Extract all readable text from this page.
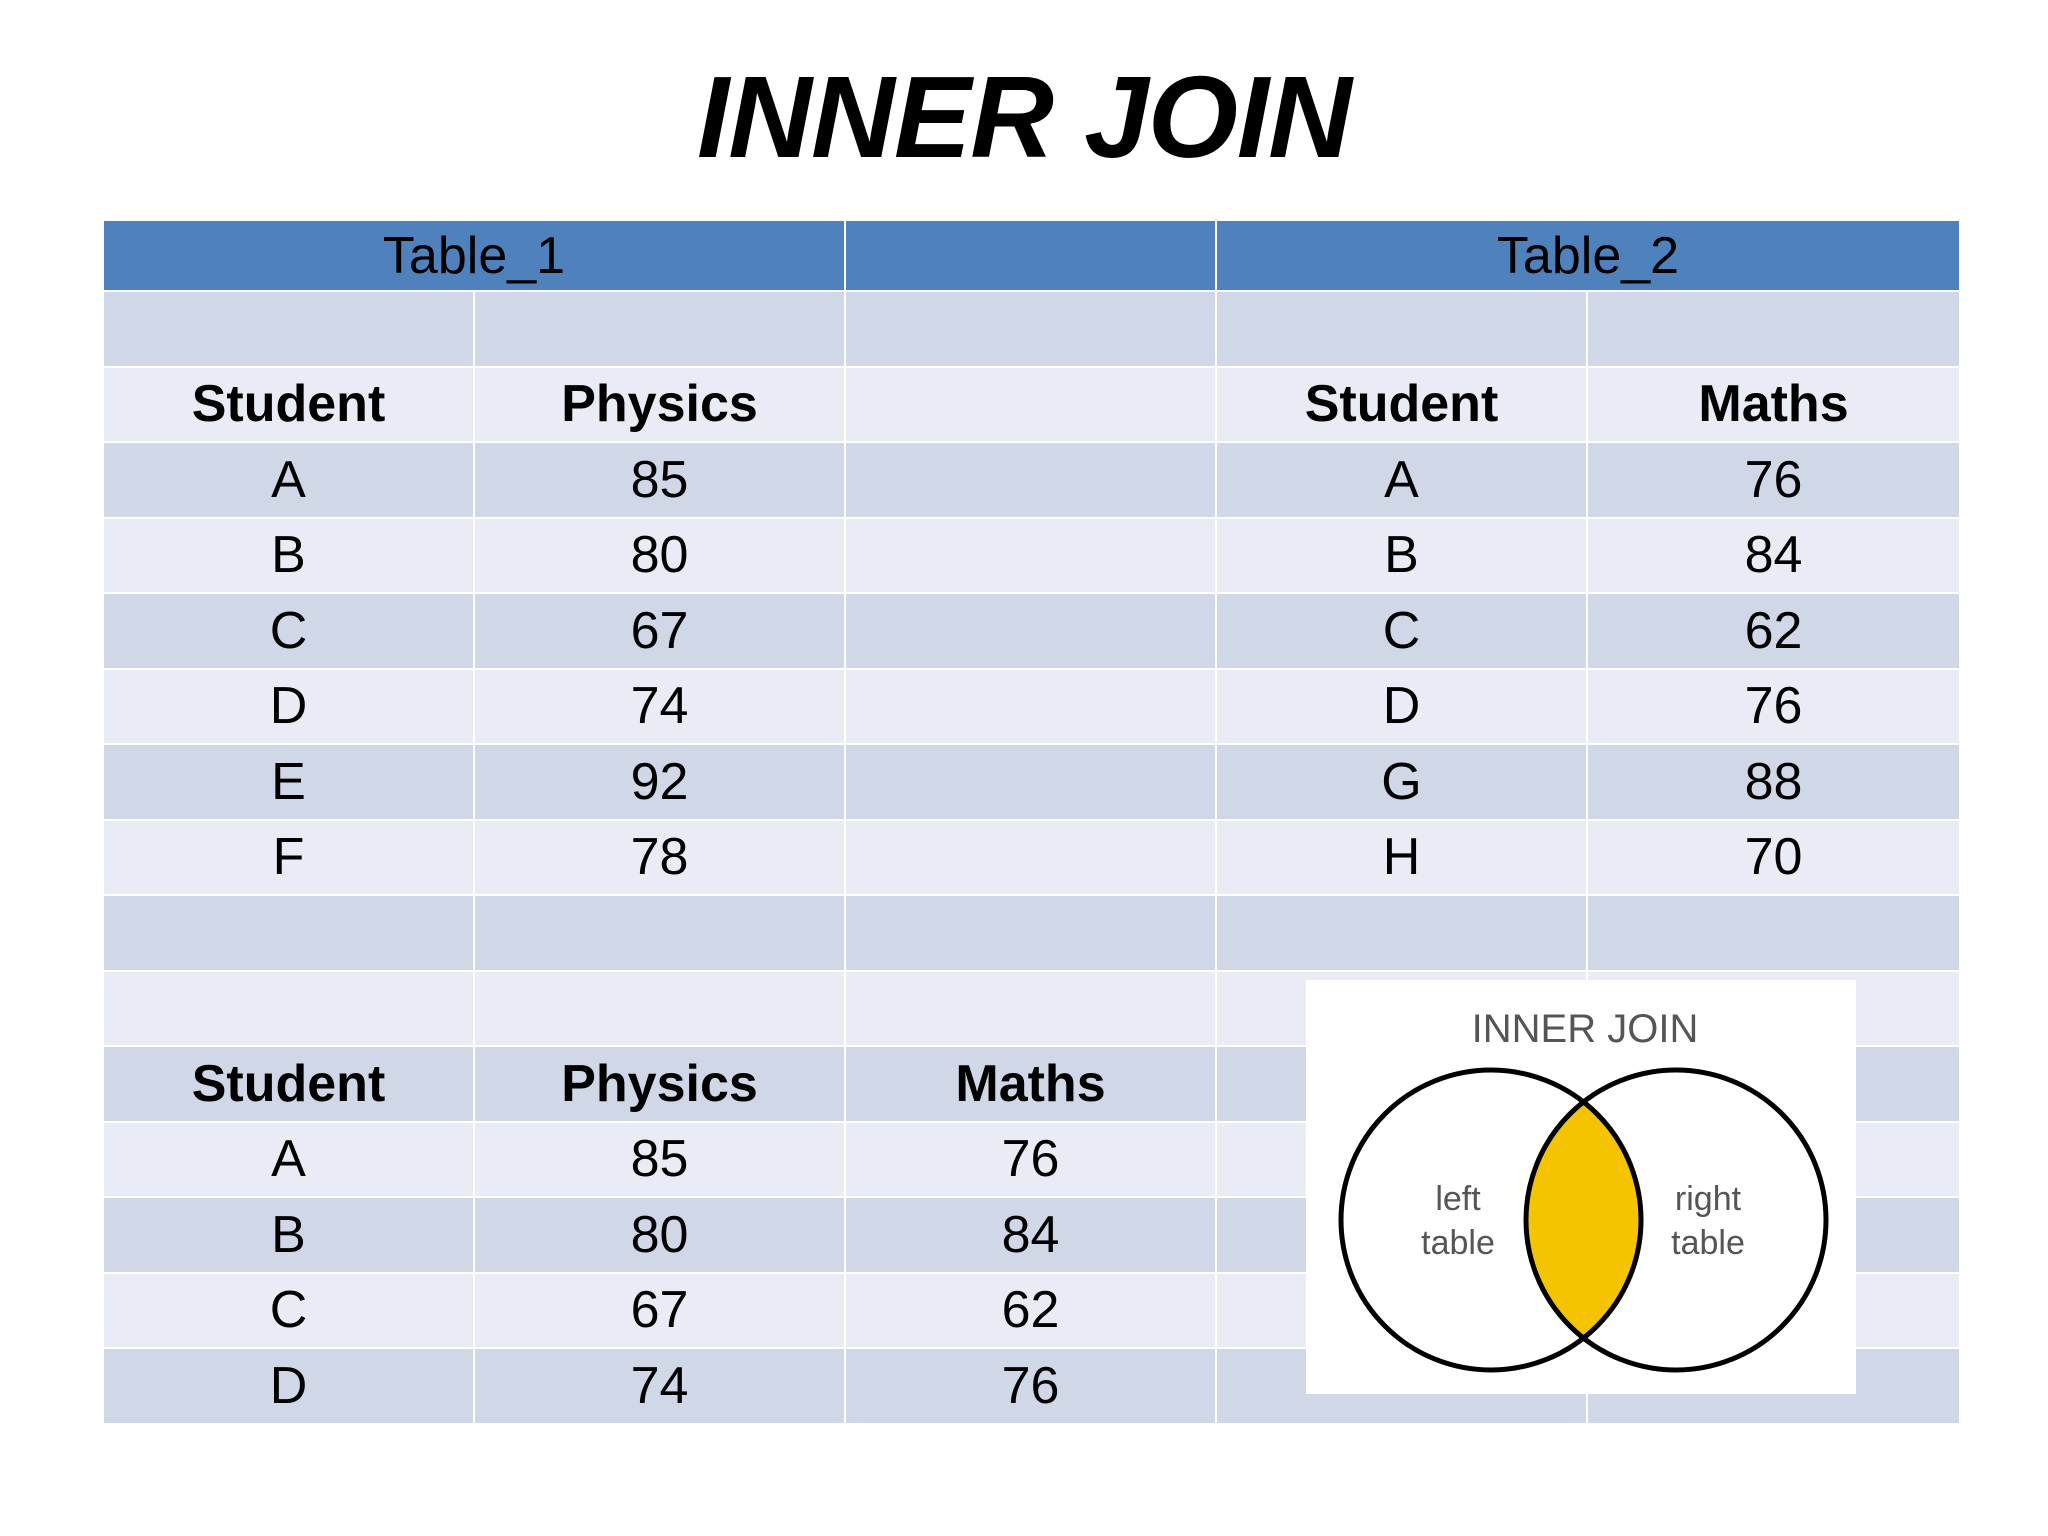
INNER JOIN
Table_1	Table_2
Student	Physics	Student	Maths
A	85	A	76
B	80	B	84
C	67	C	62
D	74	D	76
E	92	G	88
F	78	H	70
Student	Physics	Maths
A	85	76
B	80	84
C	67	62
D	74	76
INNER JOIN
left
table
right
table
